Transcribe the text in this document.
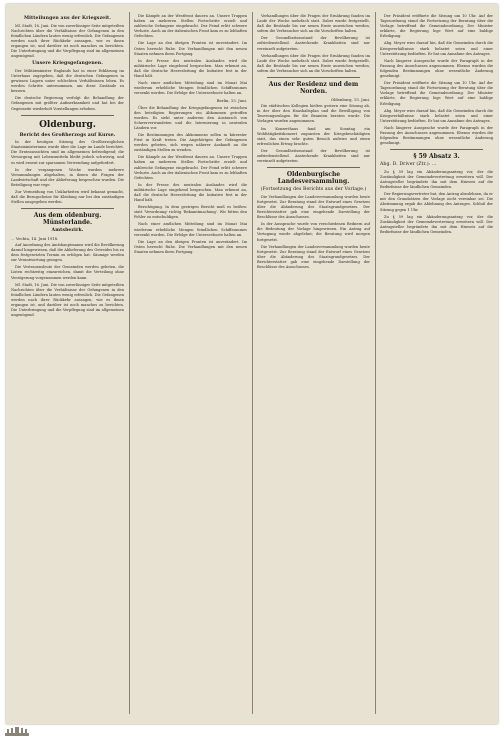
Mitteilungen aus der Kriegszeit.

Ml. Stadt, 16. Juni. Die von zuverlässiger Seite mitgeteilten Nachrichten über die Verhältnisse der Gefangenen in den feindlichen Ländern lauten wenig erfreulich. Die Gefangenen werden nach ihrer Rückkehr aussagen, wie es ihnen ergangen ist, und darüber ist noch manches zu berichten. Die Unterbringung und die Verpflegung sind im allgemeinen ungenügend.

Unsere Kriegsgefangenen.

Der Militärminister Englands hat in einer Erklärung im Unterhaus zugegeben, daß die deutschen Gefangenen in gewissen Lagern unter schlechten Verhältnissen leben. Es werden Schritte unternommen, um diese Zustände zu bessern.

Die deutsche Regierung verfolgt die Behandlung der Gefangenen mit größter Aufmerksamkeit und hat bei der Gegenseite wiederholt Vorstellungen erhoben.

Oldenburg.
Bericht des Großherzogs auf Kurse.

In der heutigen Sitzung des Großherzoglichen Staatsministeriums wurde über die Lage im Lande berichtet. Die Ernteaussichten sind im allgemeinen befriedigend; die Versorgung mit Lebensmitteln bleibt jedoch schwierig, und es wird erneut zur sparsamen Verwendung aufgefordert.

In der vergangenen Woche wurden mehrere Versammlungen abgehalten, in denen die Fragen der Landwirtschaft und der Ablieferung besprochen wurden. Die Beteiligung war rege.

Zur Vermeidung von Unklarheiten wird bekannt gemacht, daß die Bezugscheine für Kleidung nur bei den zuständigen Stellen ausgegeben werden.

Aus dem oldenburg. Münsterlande.
Amtsbezirk.
... Vechta, 14. Juni 1918.

Auf Anordnung des Amtshauptmanns wird die Bevölkerung darauf hingewiesen, daß die Ablieferung des Getreides bis zu dem festgesetzten Termin zu erfolgen hat. Säumige werden zur Verantwortung gezogen.

Die Vertrauensleute der Gemeinden werden gebeten, die Listen rechtzeitig einzureichen, damit die Verteilung ohne Verzögerung vorgenommen werden kann.

Ml. Stadt, 16. Juni. Die von zuverlässiger Seite mitgeteilten Nachrichten über die Verhältnisse der Gefangenen in den feindlichen Ländern lauten wenig erfreulich. Die Gefangenen werden nach ihrer Rückkehr aussagen, wie es ihnen ergangen ist, und darüber ist noch manches zu berichten. Die Unterbringung und die Verpflegung sind im allgemeinen ungenügend.

Die Kämpfe an der Westfront dauern an. Unsere Truppen haben an mehreren Stellen Fortschritte erzielt und zahlreiche Gefangene eingebracht. Der Feind erlitt schwere Verluste. Auch an der italienischen Front kam es zu lebhaften Gefechten.

Die Lage an den übrigen Fronten ist unverändert. Im Osten herrscht Ruhe. Die Verhandlungen mit den neuen Staaten nehmen ihren Fortgang.

In der Presse des neutralen Auslandes wird die militärische Lage eingehend besprochen. Man erkennt an, daß die deutsche Heeresleitung die Initiative fest in der Hand hält.

Nach einer amtlichen Mitteilung sind im Monat Mai wiederum erhebliche Mengen feindlichen Schiffsraumes versenkt worden. Die Erfolge der Unterseeboote halten an.

Berlin, 15. Juni.

Über die Behandlung der Kriegsgefangenen ist zwischen den beteiligten Regierungen ein Abkommen getroffen worden. Es sieht unter anderem den Austausch von Schwerverwundeten und die Internierung in neutralen Ländern vor.

Die Bestimmungen des Abkommens sollen in kürzester Frist in Kraft treten. Die Angehörigen der Gefangenen werden gebeten, sich wegen näherer Auskunft an die zuständigen Stellen zu wenden.

Die Kämpfe an der Westfront dauern an. Unsere Truppen haben an mehreren Stellen Fortschritte erzielt und zahlreiche Gefangene eingebracht. Der Feind erlitt schwere Verluste. Auch an der italienischen Front kam es zu lebhaften Gefechten.

In der Presse des neutralen Auslandes wird die militärische Lage eingehend besprochen. Man erkennt an, daß die deutsche Heeresleitung die Initiative fest in der Hand hält.

Berichtigung. In dem gestrigen Bericht muß es heißen: statt 'Verordnung' richtig 'Bekanntmachung'. Wir bitten den Fehler zu entschuldigen.

Nach einer amtlichen Mitteilung sind im Monat Mai wiederum erhebliche Mengen feindlichen Schiffsraumes versenkt worden. Die Erfolge der Unterseeboote halten an.

Die Lage an den übrigen Fronten ist unverändert. Im Osten herrscht Ruhe. Die Verhandlungen mit den neuen Staaten nehmen ihren Fortgang.

Verhandlungen über die Fragen der Ernährung fanden im Laufe der Woche mehrfach statt. Dabei wurde festgestellt, daß die Bestände bis zur neuen Ernte ausreichen werden, sofern die Verbraucher sich an die Vorschriften halten.

Der Gesundheitszustand der Bevölkerung ist zufriedenstellend. Ansteckende Krankheiten sind nur vereinzelt aufgetreten.

Verhandlungen über die Fragen der Ernährung fanden im Laufe der Woche mehrfach statt. Dabei wurde festgestellt, daß die Bestände bis zur neuen Ernte ausreichen werden, sofern die Verbraucher sich an die Vorschriften halten.

Aus der Residenz und dem Norden.
Oldenburg, 15. Juni.

Die städtischen Kollegien hielten gestern eine Sitzung ab, in der über den Haushaltsplan und die Bewilligung von Teuerungszulagen für die Beamten beraten wurde. Die Vorlagen wurden angenommen.

Im Konzerthaus fand am Sonntag ein Wohltätigkeitskonzert zugunsten der Kriegsbeschädigten statt, das einen sehr guten Besuch aufwies und einen erfreulichen Ertrag brachte.

Der Gesundheitszustand der Bevölkerung ist zufriedenstellend. Ansteckende Krankheiten sind nur vereinzelt aufgetreten.

Oldenburgische Landesversammlung.
(Fortsetzung des Berichts aus der Vorlage.)

Die Verhandlungen der Landesversammlung wurden heute fortgesetzt. Zur Beratung stand der Entwurf eines Gesetzes über die Abänderung des Staatsgrundgesetzes. Der Berichterstatter gab eine eingehende Darstellung der Beschlüsse des Ausschusses.

In der Aussprache wurde von verschiedenen Rednern auf die Bedeutung der Vorlage hingewiesen. Ein Antrag auf Vertagung wurde abgelehnt; die Beratung wird morgen fortgesetzt.

Die Verhandlungen der Landesversammlung wurden heute fortgesetzt. Zur Beratung stand der Entwurf eines Gesetzes über die Abänderung des Staatsgrundgesetzes. Der Berichterstatter gab eine eingehende Darstellung der Beschlüsse des Ausschusses.

Der Präsident eröffnete die Sitzung um 10 Uhr. Auf der Tagesordnung stand die Fortsetzung der Beratung über die Vorlage betreffend die Gemeindeordnung. Der Minister erklärte, die Regierung lege Wert auf eine baldige Erledigung.

Abg. Meyer wies darauf hin, daß die Gemeinden durch die Kriegsverhältnisse stark belastet seien und einer Unterstützung bedürften. Er bat um Annahme des Antrages.

Nach längerer Aussprache wurde der Paragraph in der Fassung des Ausschusses angenommen. Ebenso wurden die folgenden Bestimmungen ohne wesentliche Änderung genehmigt.

Der Präsident eröffnete die Sitzung um 10 Uhr. Auf der Tagesordnung stand die Fortsetzung der Beratung über die Vorlage betreffend die Gemeindeordnung. Der Minister erklärte, die Regierung lege Wert auf eine baldige Erledigung.

Abg. Meyer wies darauf hin, daß die Gemeinden durch die Kriegsverhältnisse stark belastet seien und einer Unterstützung bedürften. Er bat um Annahme des Antrages.

Nach längerer Aussprache wurde der Paragraph in der Fassung des Ausschusses angenommen. Ebenso wurden die folgenden Bestimmungen ohne wesentliche Änderung genehmigt.

§ 59 Absatz 3.
Abg. D. Driver (Ztr.): ...

Zu § 59 lag ein Abänderungsantrag vor, der die Zuständigkeit der Gemeindevertretung erweitern will. Der Antragsteller begründete ihn mit dem Hinweis auf die Bedürfnisse der ländlichen Gemeinden.

Der Regierungsvertreter bat, den Antrag abzulehnen, da er mit den Grundsätzen der Vorlage nicht vereinbar sei. Die Abstimmung ergab die Ablehnung des Antrages. Schluß der Sitzung gegen 1 Uhr.

Zu § 59 lag ein Abänderungsantrag vor, der die Zuständigkeit der Gemeindevertretung erweitern will. Der Antragsteller begründete ihn mit dem Hinweis auf die Bedürfnisse der ländlichen Gemeinden.
